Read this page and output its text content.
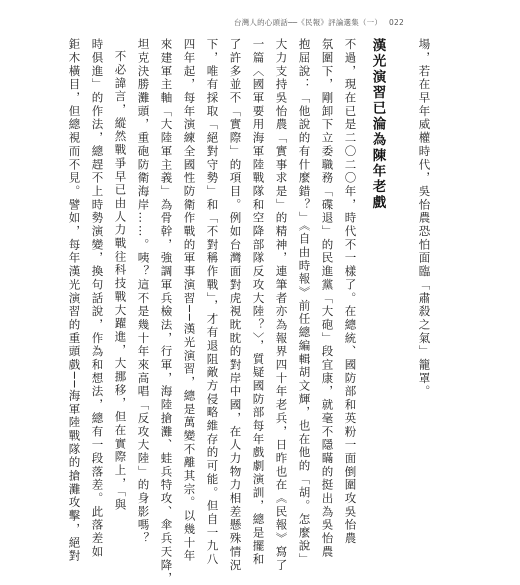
台灣人的心頭話──《民報》評論選集（一） 022
場，若在早年威權時代，吳怡農恐怕面臨「肅殺之氣」籠罩。
漢光演習已淪為陳年老戲
不過，現在已是二〇二〇年，時代不一樣了。在總統、國防部和英粉一面倒圍攻吳怡農
氛圍下，剛卸下立委職務「碟退」的民進黨「大砲」段宜康，就毫不隱瞞的挺出為吳怡農
抱屈說：「他說的有什麼錯？」《自由時報》前任總編輯胡文輝，也在他的「胡。怎麼說」
大力支持吳怡農「實事求是」的精神，連筆者亦為報界四十年老兵，日昨也在《民報》寫了
一篇〈國軍要用海軍陸戰隊和空降部隊反攻大陸？〉，質疑國防部每年戲劇演訓，總是擺和
了許多並不「實際」的項目。例如台灣面對虎視眈眈的對岸中國，在人力物力相差懸殊情況
下，唯有採取「絕對守勢」和「不對稱作戰」，才有退阻敵方侵略維存的可能。但自一九八
四年起，每年演練全國性防衛作戰的軍事演習──漢光演習，總是萬變不離其宗。以幾十年
來建軍主軸「大陸軍主義」為骨幹，強調軍兵檢法，行軍，海陸搶灘、蛙兵特攻、傘兵天降，
坦克決勝灘頭，重砲防衛海岸……。咦？這不是幾十年來高唱「反攻大陸」的身影嗎？
不必諱言，縱然戰爭早已由人力戰往科技戰大躍進，大挪移，但在實際上，「與
時俱進」的作法，總趕不上時勢演變，換句話說，作為和想法，總有一段落差。此落差如
鉅木橫目，但總視而不見。譬如，每年漢光演習的重頭戲──海軍陸戰隊的搶灘攻擊，絕對
